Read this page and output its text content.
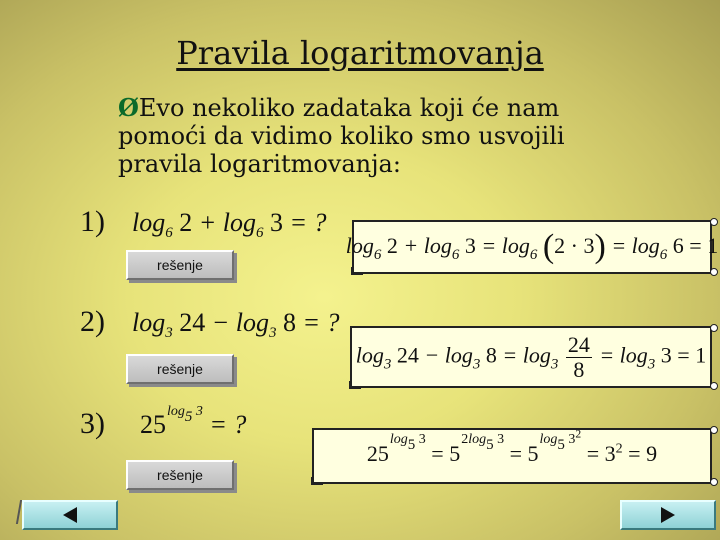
Pravila logaritmovanja
ØEvo nekoliko zadataka koji će nam pomoći da vidimo koliko smo usvojili pravila logaritmovanja:
1) $\log_6 2 + \log_6 3$ = ?
rešenje
$\log_6 2 + \log_6 3 = \log_6 (2 \cdot 3) = \log_6 6 = 1$
2) $\log_3 24 - \log_3 8$ = ?
rešenje
$\log_3 24 - \log_3 8 = \log_3 \frac{24}{8} = \log_3 3 = 1$
3) $25^{log_5 3}$ = ?
rešenje
$25^{log_5 3} = 5^{2log_5 3} = 5^{log_5 3^2} = 3^2 = 9$
